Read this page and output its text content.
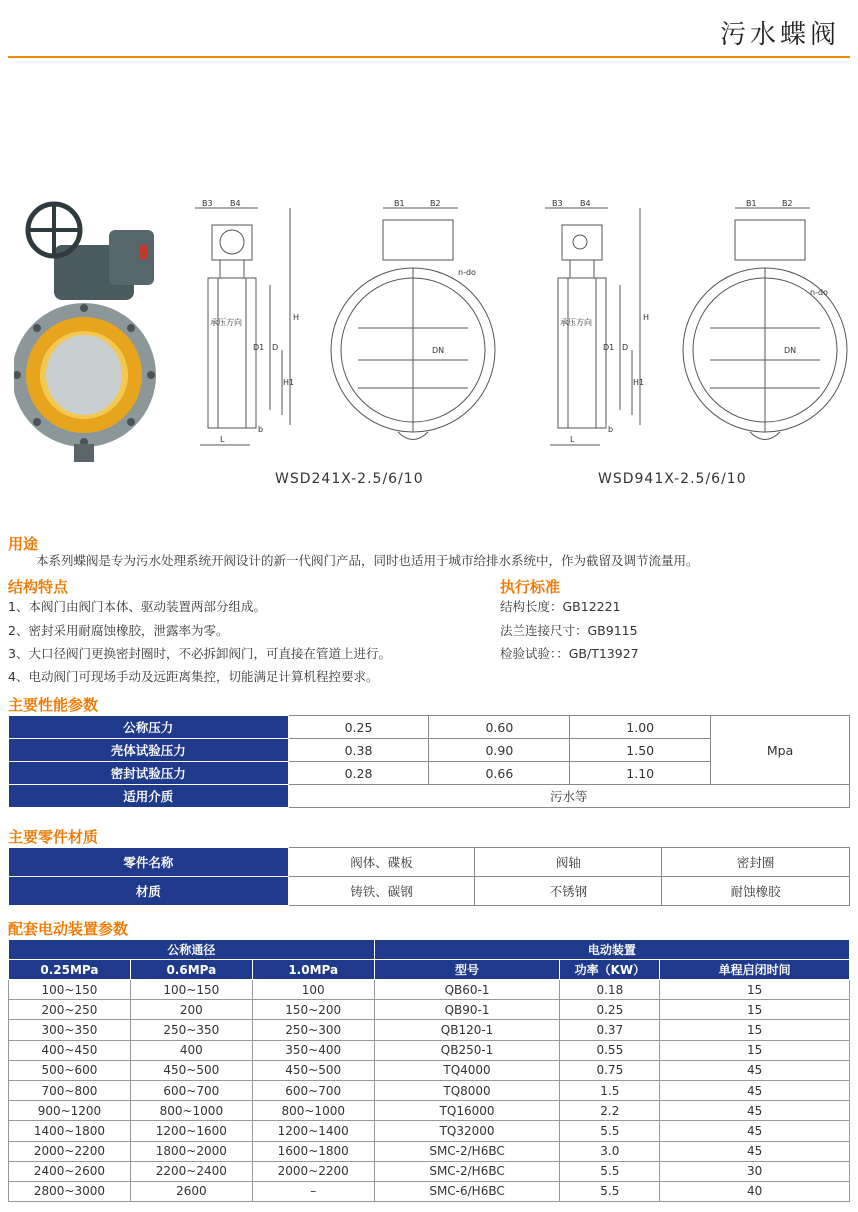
污水蝶阀
B3 B4
H
D1 D
H1
承压方向
L
b
B1	B2
n-do
DN
B3 B4
H
D1 D
H1
承压方向
L
b
B1	B2
n-do
DN
WSD241X-2.5/6/10	WSD941X-2.5/6/10
用途
本系列蝶阀是专为污水处理系统开阀设计的新一代阀门产品，同时也适用于城市给排水系统中，作为截留及调节流量用。
结构特点
1、本阀门由阀门本体、驱动装置两部分组成。
2、密封采用耐腐蚀橡胶，泄露率为零。
3、大口径阀门更换密封圈时，不必拆卸阀门，可直接在管道上进行。
4、电动阀门可现场手动及远距离集控，切能满足计算机程控要求。
执行标准
结构长度：GB12221
法兰连接尺寸：GB9115
检验试验：：GB/T13927
主要性能参数
公称压力	0.25	0.60	1.00	Mpa
壳体试验压力	0.38	0.90	1.50	
密封试验压力	0.28	0.66	1.10	
适用介质	污水等			
主要零件材质
零件名称	阀体、碟板	阀轴	密封圈
材质	铸铁、碳钢	不锈钢	耐蚀橡胶
配套电动装置参数
公称通径			电动装置		
0.25MPa	0.6MPa	1.0MPa	型号	功率（KW）	单程启闭时间
100~150	100~150	100	QB60-1	0.18	15
200~250	200	150~200	QB90-1	0.25	15
300~350	250~350	250~300	QB120-1	0.37	15
400~450	400	350~400	QB250-1	0.55	15
500~600	450~500	450~500	TQ4000	0.75	45
700~800	600~700	600~700	TQ8000	1.5	45
900~1200	800~1000	800~1000	TQ16000	2.2	45
1400~1800	1200~1600	1200~1400	TQ32000	5.5	45
2000~2200	1800~2000	1600~1800	SMC-2/H6BC	3.0	45
2400~2600	2200~2400	2000~2200	SMC-2/H6BC	5.5	30
2800~3000	2600	–	SMC-6/H6BC	5.5	40
